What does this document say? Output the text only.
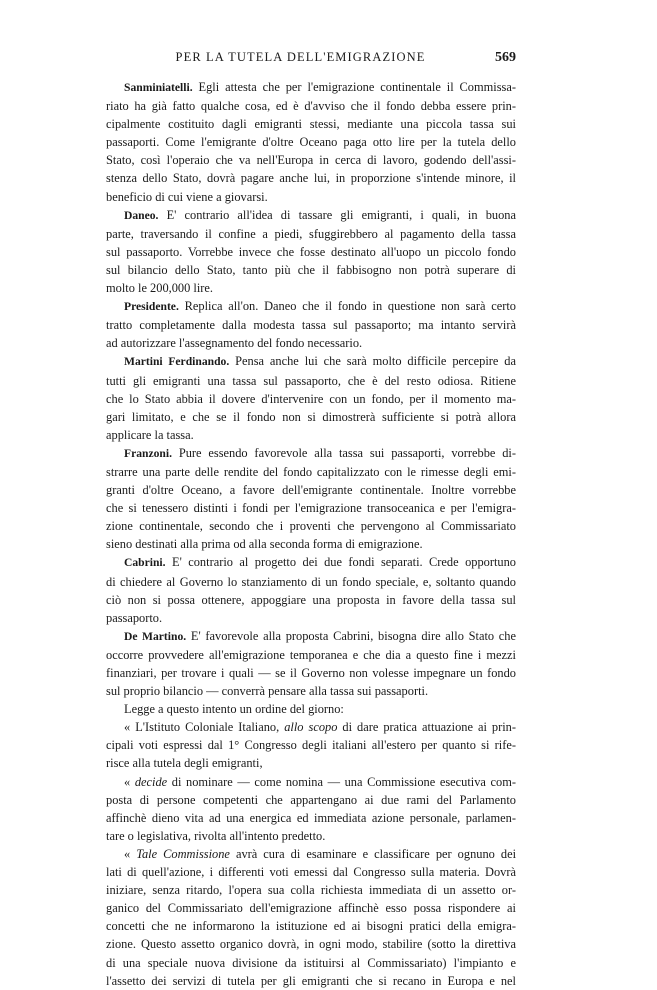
PER LA TUTELA DELL'EMIGRAZIONE	569
Sanminiatelli. Egli attesta che per l'emigrazione continentale il Commissa-
riato ha già fatto qualche cosa, ed è d'avviso che il fondo debba essere prin-
cipalmente costituito dagli emigranti stessi, mediante una piccola tassa sui
passaporti. Come l'emigrante d'oltre Oceano paga otto lire per la tutela dello
Stato, così l'operaio che va nell'Europa in cerca di lavoro, godendo dell'assi-
stenza dello Stato, dovrà pagare anche lui, in proporzione s'intende minore, il
beneficio di cui viene a giovarsi.
Daneo. E' contrario all'idea di tassare gli emigranti, i quali, in buona
parte, traversando il confine a piedi, sfuggirebbero al pagamento della tassa
sul passaporto. Vorrebbe invece che fosse destinato all'uopo un piccolo fondo
sul bilancio dello Stato, tanto più che il fabbisogno non potrà superare di
molto le 200,000 lire.
Presidente. Replica all'on. Daneo che il fondo in questione non sarà certo
tratto completamente dalla modesta tassa sul passaporto; ma intanto servirà
ad autorizzare l'assegnamento del fondo necessario.
Martini Ferdinando. Pensa anche lui che sarà molto difficile percepire da
tutti gli emigranti una tassa sul passaporto, che è del resto odiosa. Ritiene
che lo Stato abbia il dovere d'intervenire con un fondo, per il momento ma-
gari limitato, e che se il fondo non si dimostrerà sufficiente si potrà allora
applicare la tassa.
Franzoni. Pure essendo favorevole alla tassa sui passaporti, vorrebbe di-
strarre una parte delle rendite del fondo capitalizzato con le rimesse degli emi-
granti d'oltre Oceano, a favore dell'emigrante continentale. Inoltre vorrebbe
che si tenessero distinti i fondi per l'emigrazione transoceanica e per l'emigra-
zione continentale, secondo che i proventi che pervengono al Commissariato
sieno destinati alla prima od alla seconda forma di emigrazione.
Cabrini. E' contrario al progetto dei due fondi separati. Crede opportuno
di chiedere al Governo lo stanziamento di un fondo speciale, e, soltanto quando
ciò non si possa ottenere, appoggiare una proposta in favore della tassa sul
passaporto.
De Martino. E' favorevole alla proposta Cabrini, bisogna dire allo Stato che
occorre provvedere all'emigrazione temporanea e che dia a questo fine i mezzi
finanziari, per trovare i quali — se il Governo non volesse impegnare un fondo
sul proprio bilancio — converrà pensare alla tassa sui passaporti.
Legge a questo intento un ordine del giorno:
« L'Istituto Coloniale Italiano, allo scopo di dare pratica attuazione ai prin-
cipali voti espressi dal 1° Congresso degli italiani all'estero per quanto si rife-
risce alla tutela degli emigranti,
« decide di nominare — come nomina — una Commissione esecutiva com-
posta di persone competenti che appartengano ai due rami del Parlamento
affinchè dieno vita ad una energica ed immediata azione personale, parlamen-
tare o legislativa, rivolta all'intento predetto.
« Tale Commissione avrà cura di esaminare e classificare per ognuno dei
lati di quell'azione, i differenti voti emessi dal Congresso sulla materia. Dovrà
iniziare, senza ritardo, l'opera sua colla richiesta immediata di un assetto or-
ganico del Commissariato dell'emigrazione affinchè esso possa rispondere ai
concetti che ne informarono la istituzione ed ai bisogni pratici della emigra-
zione. Questo assetto organico dovrà, in ogni modo, stabilire (sotto la direttiva
di una speciale nuova divisione da istituirsi al Commissariato) l'impianto e
l'assetto dei servizi di tutela per gli emigranti che si recano in Europa e nel
